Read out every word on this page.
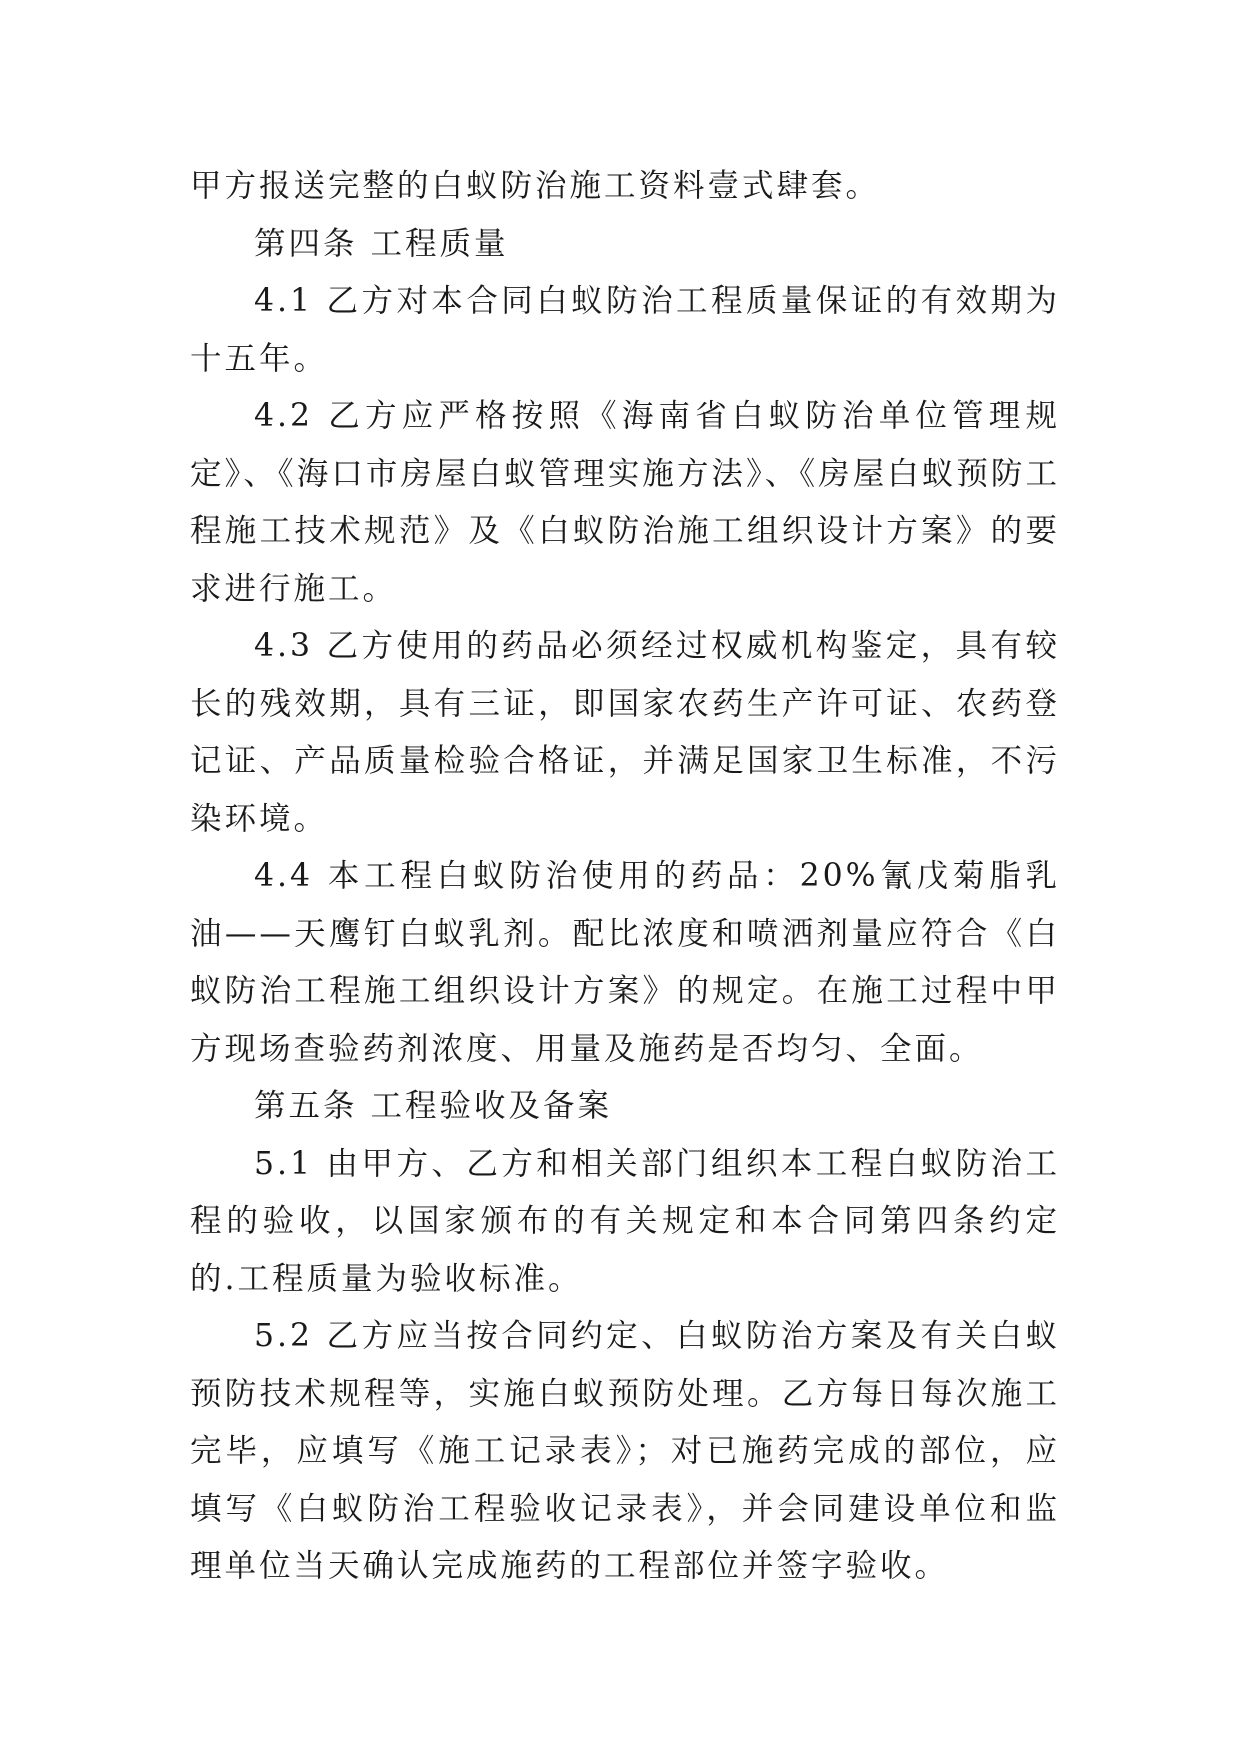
甲方报送完整的白蚁防治施工资料壹式肆套。

第四条 工程质量

4.1 乙方对本合同白蚁防治工程质量保证的有效期为十五年。

4.2 乙方应严格按照《海南省白蚁防治单位管理规定》、《海口市房屋白蚁管理实施方法》、《房屋白蚁预防工程施工技术规范》及《白蚁防治施工组织设计方案》的要求进行施工。

4.3 乙方使用的药品必须经过权威机构鉴定，具有较长的残效期，具有三证，即国家农药生产许可证、农药登记证、产品质量检验合格证，并满足国家卫生标准，不污染环境。

4.4 本工程白蚁防治使用的药品：20%氰戊菊脂乳油——天鹰钉白蚁乳剂。配比浓度和喷洒剂量应符合《白蚁防治工程施工组织设计方案》的规定。在施工过程中甲方现场查验药剂浓度、用量及施药是否均匀、全面。

第五条 工程验收及备案

5.1 由甲方、乙方和相关部门组织本工程白蚁防治工程的验收，以国家颁布的有关规定和本合同第四条约定的.工程质量为验收标准。

5.2 乙方应当按合同约定、白蚁防治方案及有关白蚁预防技术规程等，实施白蚁预防处理。乙方每日每次施工完毕，应填写《施工记录表》；对已施药完成的部位，应填写《白蚁防治工程验收记录表》，并会同建设单位和监理单位当天确认完成施药的工程部位并签字验收。
